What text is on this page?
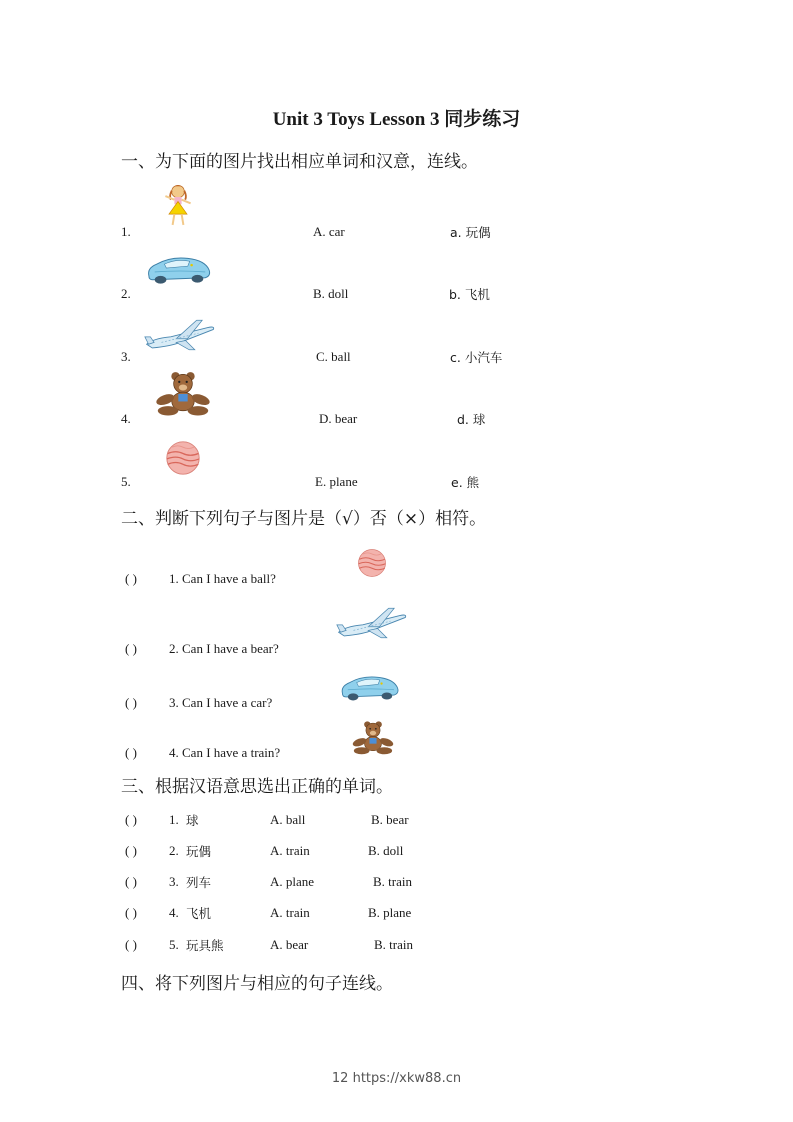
Unit 3 Toys Lesson 3 同步练习
一、为下面的图片找出相应单词和汉意，连线。
1.	A. car	a. 玩偶
2.	B. doll	b. 飞机
3.	C. ball	c. 小汽车
4.	D. bear	d. 球
5.	E. plane	e. 熊
二、判断下列句子与图片是（√）否（×）相符。
( ) 1. Can I have a ball?
( ) 2. Can I have a bear?
( ) 3. Can I have a car?
( ) 4. Can I have a train?
三、根据汉语意思选出正确的单词。
( ) 1. 球	A. ball	B. bear
( ) 2. 玩偶	A. train	B. doll
( ) 3. 列车	A. plane	B. train
( ) 4. 飞机	A. train	B. plane
( ) 5. 玩具熊	A. bear	B. train
四、将下列图片与相应的句子连线。
12 https://xkw88.cn
